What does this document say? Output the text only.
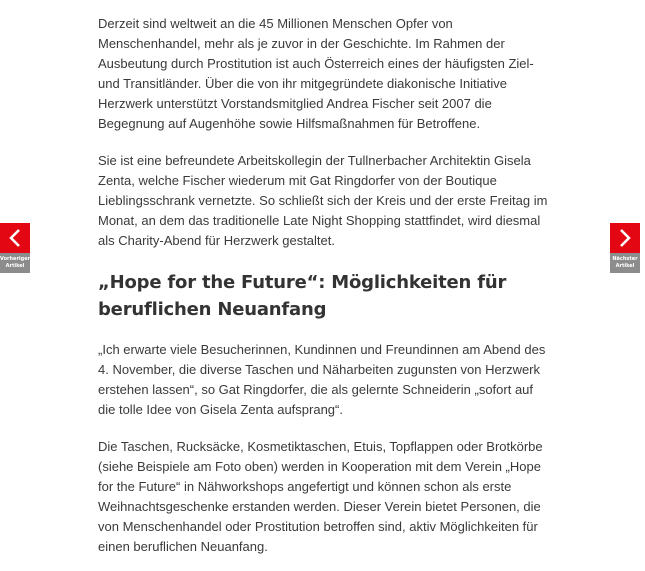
Derzeit sind weltweit an die 45 Millionen Menschen Opfer von Menschenhandel, mehr als je zuvor in der Geschichte. Im Rahmen der Ausbeutung durch Prostitution ist auch Österreich eines der häufigsten Ziel- und Transitländer. Über die von ihr mitgegründete diakonische Initiative Herzwerk unterstützt Vorstandsmitglied Andrea Fischer seit 2007 die Begegnung auf Augenhöhe sowie Hilfsmaßnahmen für Betroffene.

Sie ist eine befreundete Arbeitskollegin der Tullnerbacher Architektin Gisela Zenta, welche Fischer wiederum mit Gat Ringdorfer von der Boutique Lieblingsschrank vernetzte. So schließt sich der Kreis und der erste Freitag im Monat, an dem das traditionelle Late Night Shopping stattfindet, wird diesmal als Charity-Abend für Herzwerk gestaltet.

„Hope for the Future“: Möglichkeiten für beruflichen Neuanfang

„Ich erwarte viele Besucherinnen, Kundinnen und Freundinnen am Abend des 4. November, die diverse Taschen und Näharbeiten zugunsten von Herzwerk erstehen lassen“, so Gat Ringdorfer, die als gelernte Schneiderin „sofort auf die tolle Idee von Gisela Zenta aufsprang“.

Die Taschen, Rucksäcke, Kosmetiktaschen, Etuis, Topflappen oder Brotkörbe (siehe Beispiele am Foto oben) werden in Kooperation mit dem Verein „Hope for the Future“ in Nähworkshops angefertigt und können schon als erste Weihnachtsgeschenke erstanden werden. Dieser Verein bietet Personen, die von Menschenhandel oder Prostitution betroffen sind, aktiv Möglichkeiten für einen beruflichen Neuanfang.

Vorheriger
Artikel
Nächster
Artikel
